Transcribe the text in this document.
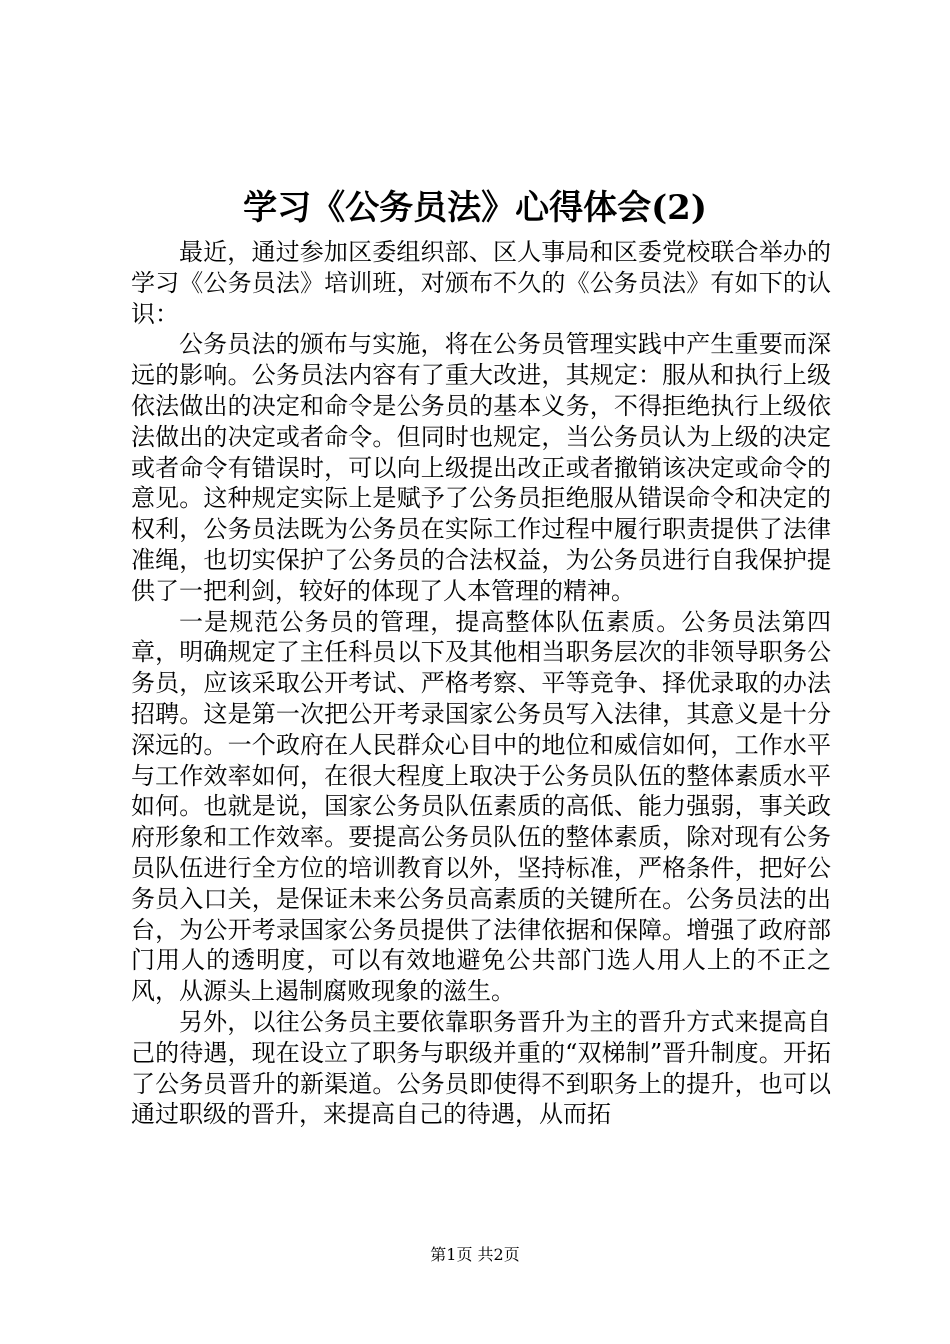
学习《公务员法》心得体会(2)

最近，通过参加区委组织部、区人事局和区委党校联合举办的学习《公务员法》培训班，对颁布不久的《公务员法》有如下的认识：

公务员法的颁布与实施，将在公务员管理实践中产生重要而深远的影响。公务员法内容有了重大改进，其规定：服从和执行上级依法做出的决定和命令是公务员的基本义务，不得拒绝执行上级依法做出的决定或者命令。但同时也规定，当公务员认为上级的决定或者命令有错误时，可以向上级提出改正或者撤销该决定或命令的意见。这种规定实际上是赋予了公务员拒绝服从错误命令和决定的权利，公务员法既为公务员在实际工作过程中履行职责提供了法律准绳，也切实保护了公务员的合法权益，为公务员进行自我保护提供了一把利剑，较好的体现了人本管理的精神。

一是规范公务员的管理，提高整体队伍素质。公务员法第四章，明确规定了主任科员以下及其他相当职务层次的非领导职务公务员，应该采取公开考试、严格考察、平等竞争、择优录取的办法招聘。这是第一次把公开考录国家公务员写入法律，其意义是十分深远的。一个政府在人民群众心目中的地位和威信如何，工作水平与工作效率如何，在很大程度上取决于公务员队伍的整体素质水平如何。也就是说，国家公务员队伍素质的高低、能力强弱，事关政府形象和工作效率。要提高公务员队伍的整体素质，除对现有公务员队伍进行全方位的培训教育以外，坚持标准，严格条件，把好公务员入口关，是保证未来公务员高素质的关键所在。公务员法的出台，为公开考录国家公务员提供了法律依据和保障。增强了政府部门用人的透明度，可以有效地避免公共部门选人用人上的不正之风，从源头上遏制腐败现象的滋生。

另外，以往公务员主要依靠职务晋升为主的晋升方式来提高自己的待遇，现在设立了职务与职级并重的“双梯制”晋升制度。开拓了公务员晋升的新渠道。公务员即使得不到职务上的提升，也可以通过职级的晋升，来提高自己的待遇，从而拓

第1页 共2页
